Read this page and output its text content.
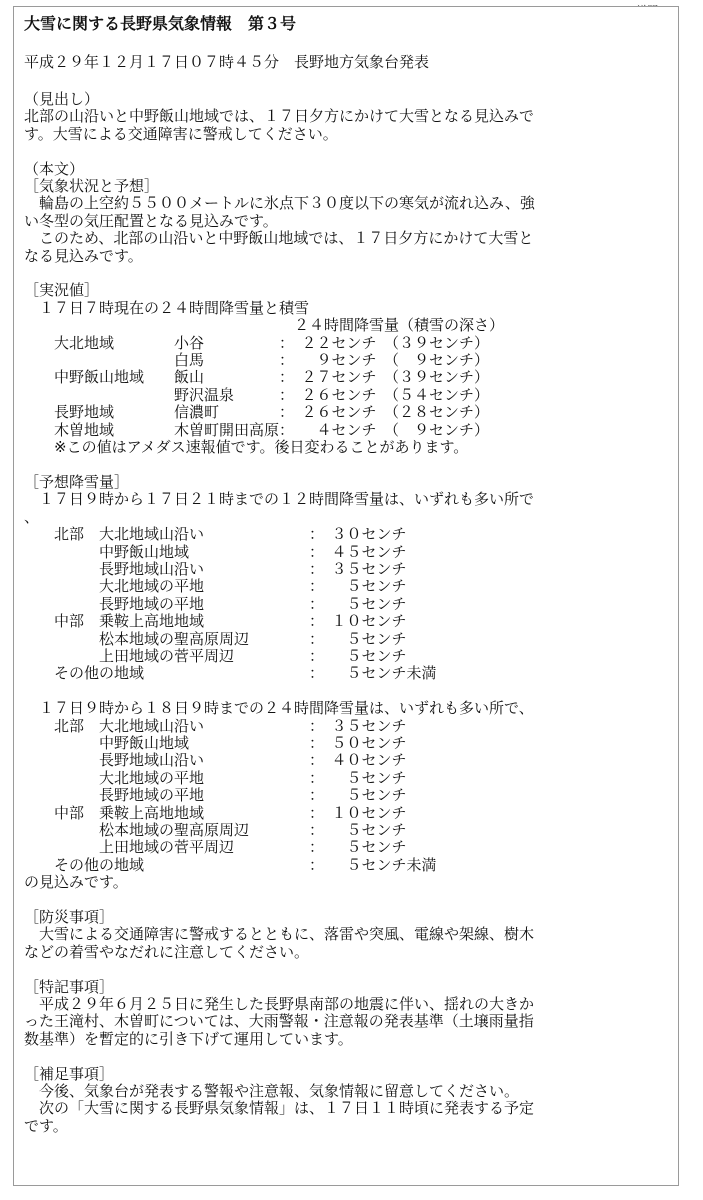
大雪に関する長野県気象情報　第３号
平成２９年１２月１７日０７時４５分　長野地方気象台発表

（見出し）

北部の山沿いと中野飯山地域では、１７日夕方にかけて大雪となる見込みで

す。大雪による交通障害に警戒してください。

（本文）

［気象状況と予想］

　輪島の上空約５５００メートルに氷点下３０度以下の寒気が流れ込み、強

い冬型の気圧配置となる見込みです。

　このため、北部の山沿いと中野飯山地域では、１７日夕方にかけて大雪と

なる見込みです。

［実況値］

　１７日７時現在の２４時間降雪量と積雪

　　　　　　　　　　　　　　　　　　２４時間降雪量（積雪の深さ）

　　大北地域　　　　小谷　　　　　：　２２センチ　（３９センチ）

　　　　　　　　　　白馬　　　　　：　　９センチ　（　９センチ）

　　中野飯山地域　　飯山　　　　　：　２７センチ　（３９センチ）

　　　　　　　　　　野沢温泉　　　：　２６センチ　（５４センチ）

　　長野地域　　　　信濃町　　　　：　２６センチ　（２８センチ）

　　木曽地域　　　　木曽町開田高原：　　４センチ　（　９センチ）

　　※この値はアメダス速報値です。後日変わることがあります。

［予想降雪量］

　１７日９時から１７日２１時までの１２時間降雪量は、いずれも多い所で

、

　　北部　大北地域山沿い　　　　　　　：　３０センチ

　　　　　中野飯山地域　　　　　　　　：　４５センチ

　　　　　長野地域山沿い　　　　　　　：　３５センチ

　　　　　大北地域の平地　　　　　　　：　　５センチ

　　　　　長野地域の平地　　　　　　　：　　５センチ

　　中部　乗鞍上高地地域　　　　　　　：　１０センチ

　　　　　松本地域の聖高原周辺　　　　：　　５センチ

　　　　　上田地域の菅平周辺　　　　　：　　５センチ

　　その他の地域　　　　　　　　　　　：　　５センチ未満

　１７日９時から１８日９時までの２４時間降雪量は、いずれも多い所で、

　　北部　大北地域山沿い　　　　　　　：　３５センチ

　　　　　中野飯山地域　　　　　　　　：　５０センチ

　　　　　長野地域山沿い　　　　　　　：　４０センチ

　　　　　大北地域の平地　　　　　　　：　　５センチ

　　　　　長野地域の平地　　　　　　　：　　５センチ

　　中部　乗鞍上高地地域　　　　　　　：　１０センチ

　　　　　松本地域の聖高原周辺　　　　：　　５センチ

　　　　　上田地域の菅平周辺　　　　　：　　５センチ

　　その他の地域　　　　　　　　　　　：　　５センチ未満

の見込みです。

［防災事項］

　大雪による交通障害に警戒するとともに、落雷や突風、電線や架線、樹木

などの着雪やなだれに注意してください。

［特記事項］

　平成２９年６月２５日に発生した長野県南部の地震に伴い、揺れの大きか

った王滝村、木曽町については、大雨警報・注意報の発表基準（土壌雨量指

数基準）を暫定的に引き下げて運用しています。

［補足事項］

　今後、気象台が発表する警報や注意報、気象情報に留意してください。

　次の「大雪に関する長野県気象情報」は、１７日１１時頃に発表する予定

です。
